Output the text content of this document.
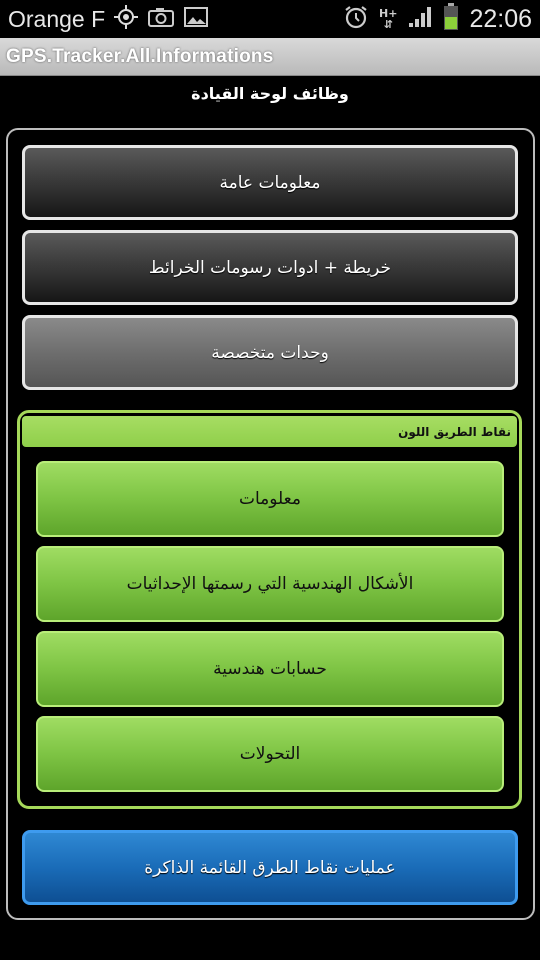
Orange F	H+
⇵	22:06
GPS.Tracker.All.Informations
وظائف لوحة القيادة
معلومات عامة
خريطة + ادوات رسومات الخرائط
وحدات متخصصة
نقاط الطريق اللون
معلومات
الأشكال الهندسية التي رسمتها الإحداثيات
حسابات هندسية
التحولات
عمليات نقاط الطرق القائمة الذاكرة
